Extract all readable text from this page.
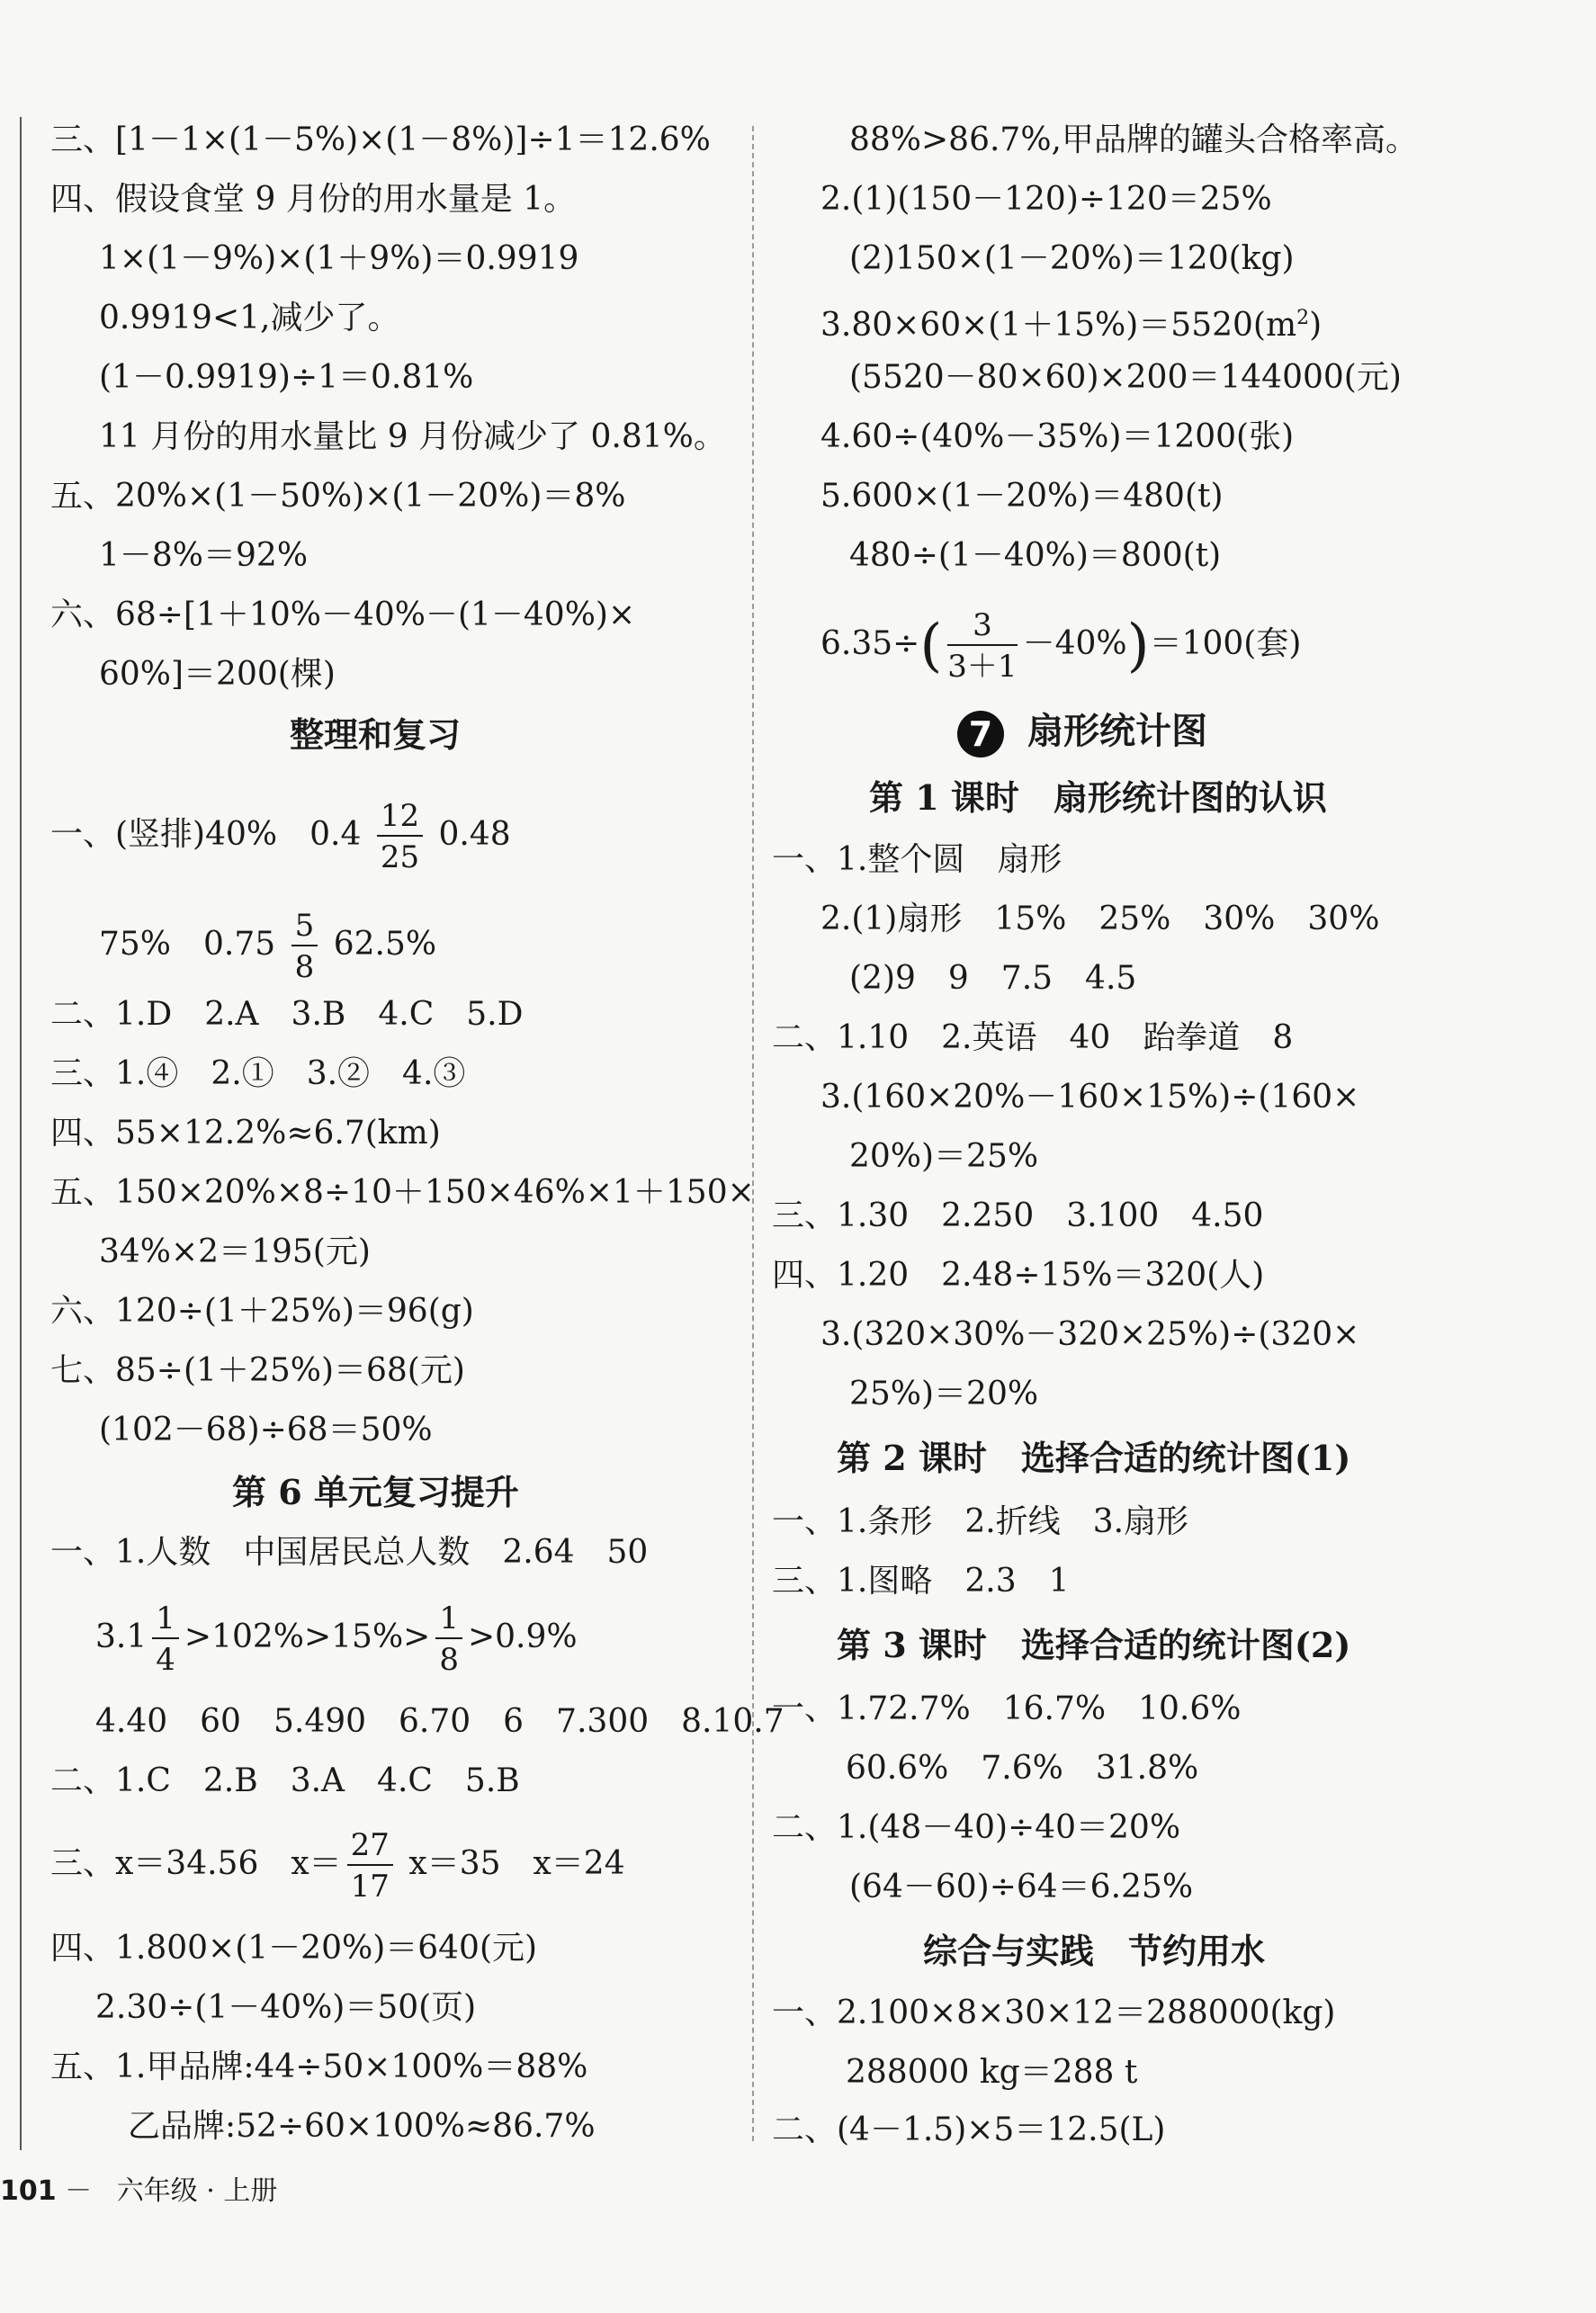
三、[1－1×(1－5%)×(1－8%)]÷1＝12.6%
四、假设食堂 9 月份的用水量是 1。
1×(1－9%)×(1＋9%)＝0.9919
0.9919<1,减少了。
(1－0.9919)÷1＝0.81%
11 月份的用水量比 9 月份减少了 0.81%。
五、20%×(1－50%)×(1－20%)＝8%
1－8%＝92%
六、68÷[1＋10%－40%－(1－40%)×
60%]＝200(棵)
整理和复习
一、(竖排)40%　$0.4 \frac{12}{25} 0.48$
75%　$0.75 \frac{5}{8} 62.5\%$
二、1.D　2.A　3.B　4.C　5.D
三、1.④　2.①　3.②　4.③
四、55×12.2%≈6.7(km)
五、150×20%×8÷10＋150×46%×1＋150×
34%×2＝195(元)
六、120÷(1＋25%)＝96(g)
七、85÷(1＋25%)＝68(元)
(102－68)÷68＝50%
第 6 单元复习提升
一、1.人数　中国居民总人数　2.64　50
$3.1 \frac{1}{4} >102\%>15\%> \frac{1}{8} >0.9\%$
4.40　60　5.490　6.70　6　7.300　8.10.7
二、1.C　2.B　3.A　4.C　5.B
三、x＝34.56　$x= \frac{27}{17} x=35$　x＝24
四、1.800×(1－20%)＝640(元)
2.30÷(1－40%)＝50(页)
五、1.甲品牌:44÷50×100%＝88%
乙品牌:52÷60×100%≈86.7%
88%>86.7%,甲品牌的罐头合格率高。
2.(1)(150－120)÷120＝25%
(2)150×(1－20%)＝120(kg)
$3.80\times 60\times(1+15\%)=5520(m^2)$
(5520－80×60)×200＝144000(元)
4.60÷(40%－35%)＝1200(张)
5.600×(1－20%)＝480(t)
480÷(1－40%)＝800(t)
$6.35\div( \frac{3}{3+1} -40\%)=100$(套)
7 扇形统计图
第 1 课时　扇形统计图的认识
一、1.整个圆　扇形
2.(1)扇形　15%　25%　30%　30%
(2)9　9　7.5　4.5
二、1.10　2.英语　40　跆拳道　8
3.(160×20%－160×15%)÷(160×
20%)＝25%
三、1.30　2.250　3.100　4.50
四、1.20　2.48÷15%＝320(人)
3.(320×30%－320×25%)÷(320×
25%)＝20%
第 2 课时　选择合适的统计图(1)
一、1.条形　2.折线　3.扇形
三、1.图略　2.3　1
第 3 课时　选择合适的统计图(2)
一、1.72.7%　16.7%　10.6%
60.6%　7.6%　31.8%
二、1.(48－40)÷40＝20%
(64－60)÷64＝6.25%
综合与实践　节约用水
一、2.100×8×30×12＝288000(kg)
288000 kg＝288 t
二、(4－1.5)×5＝12.5(L)
101 － 六年级 · 上册
